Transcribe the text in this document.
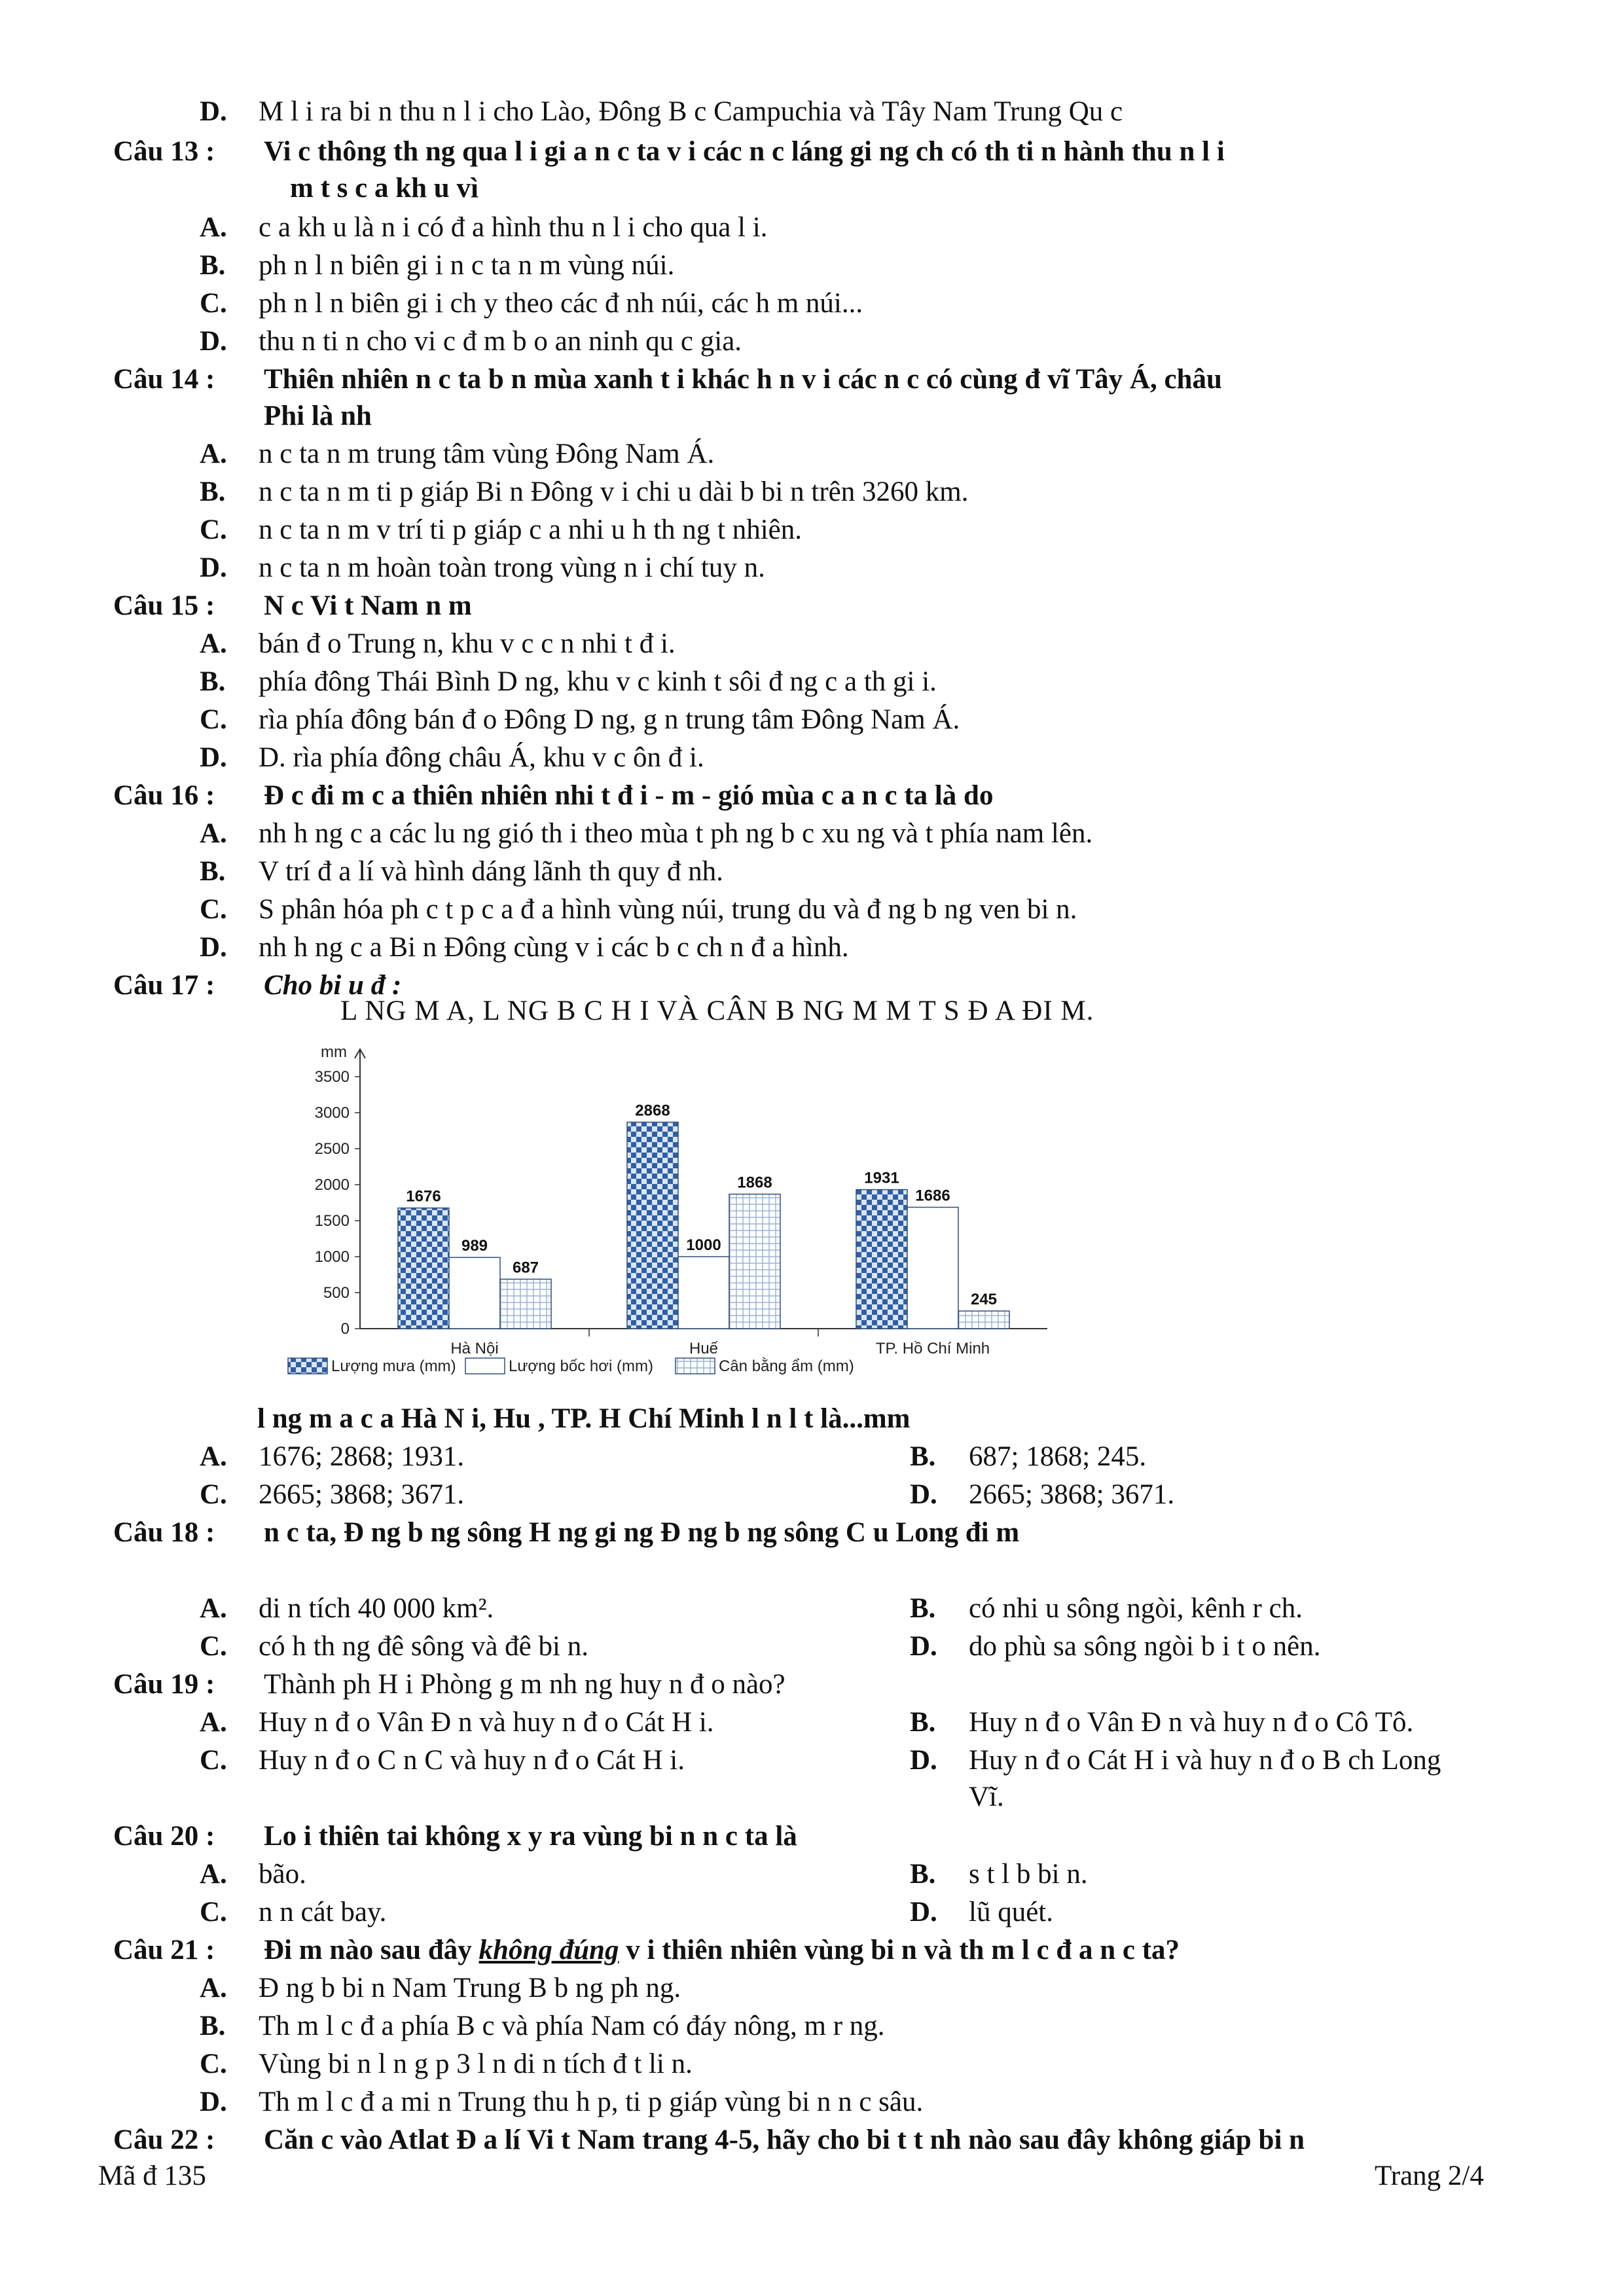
D. M l i ra bi n thu n l i cho Lào, Đông B c Campuchia và Tây Nam Trung Qu c
Câu 13 : Vi c thông th ng qua l i gi a n c ta v i các n c láng gi ng ch có th ti n hành thu n l i
m t s c a kh u vì
A. c a kh u là n i có đ a hình thu n l i cho qua l i.
B. ph n l n biên gi i n c ta n m vùng núi.
C. ph n l n biên gi i ch y theo các đ nh núi, các h m núi...
D. thu n ti n cho vi c đ m b o an ninh qu c gia.
Câu 14 : Thiên nhiên n c ta b n mùa xanh t i khác h n v i các n c có cùng đ vĩ Tây Á, châu
Phi là nh
A. n c ta n m trung tâm vùng Đông Nam Á.
B. n c ta n m ti p giáp Bi n Đông v i chi u dài b bi n trên 3260 km.
C. n c ta n m v trí ti p giáp c a nhi u h th ng t nhiên.
D. n c ta n m hoàn toàn trong vùng n i chí tuy n.
Câu 15 : N c Vi t Nam n m
A. bán đ o Trung n, khu v c c n nhi t đ i.
B. phía đông Thái Bình D ng, khu v c kinh t sôi đ ng c a th gi i.
C. rìa phía đông bán đ o Đông D ng, g n trung tâm Đông Nam Á.
D. D. rìa phía đông châu Á, khu v c ôn đ i.
Câu 16 : Đ c đi m c a thiên nhiên nhi t đ i - m - gió mùa c a n c ta là do
A. nh h ng c a các lu ng gió th i theo mùa t ph ng b c xu ng và t phía nam lên.
B. V trí đ a lí và hình dáng lãnh th quy đ nh.
C. S phân hóa ph c t p c a đ a hình vùng núi, trung du và đ ng b ng ven bi n.
D. nh h ng c a Bi n Đông cùng v i các b c ch n đ a hình.
Câu 17 : Cho bi u đ :
L NG M A, L NG B C H I VÀ CÂN B NG M M T S Đ A ĐI M.
mm
0
500
1000
1500
2000
2500
3000
3500
1676
989
687
Hà Nội
2868
1000
1868
Huế
1931
1686
245
TP. Hồ Chí Minh
Lượng mưa (mm)	Lượng bốc hơi (mm)	Cân bằng ẩm (mm)
l ng m a c a Hà N i, Hu , TP. H Chí Minh l n l t là...mm
A. 1676; 2868; 1931.	B. 687; 1868; 245.
C. 2665; 3868; 3671.	D. 2665; 3868; 3671.
Câu 18 : n c ta, Đ ng b ng sông H ng gi ng Đ ng b ng sông C u Long đi m
A. di n tích 40 000 km².	B. có nhi u sông ngòi, kênh r ch.
C. có h th ng đê sông và đê bi n.	D. do phù sa sông ngòi b i t o nên.
Câu 19 : Thành ph H i Phòng g m nh ng huy n đ o nào?
A. Huy n đ o Vân Đ n và huy n đ o Cát H i.	B. Huy n đ o Vân Đ n và huy n đ o Cô Tô.
C. Huy n đ o C n C và huy n đ o Cát H i.	D. Huy n đ o Cát H i và huy n đ o B ch Long
Vĩ.
Câu 20 : Lo i thiên tai không x y ra vùng bi n n c ta là
A. bão.	B. s t l b bi n.
C. n n cát bay.	D. lũ quét.
Câu 21 : Đi m nào sau đây không đúng v i thiên nhiên vùng bi n và th m l c đ a n c ta?
A. Đ ng b bi n Nam Trung B b ng ph ng.
B. Th m l c đ a phía B c và phía Nam có đáy nông, m r ng.
C. Vùng bi n l n g p 3 l n di n tích đ t li n.
D. Th m l c đ a mi n Trung thu h p, ti p giáp vùng bi n n c sâu.
Câu 22 : Căn c vào Atlat Đ a lí Vi t Nam trang 4-5, hãy cho bi t t nh nào sau đây không giáp bi n
Mã đ 135	Trang 2/4
